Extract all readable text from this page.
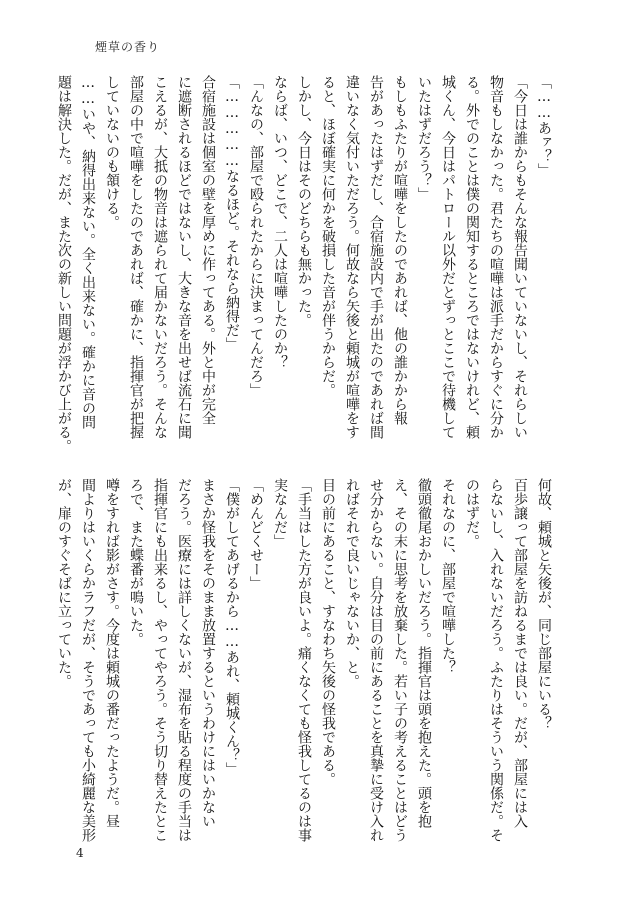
煙草の香り
「……あァ？」
「今日は誰からもそんな報告聞いていないし、それらしい
物音もしなかった。君たちの喧嘩は派手だからすぐに分か
る。外でのことは僕の関知するところではないけれど、頼
城くん、今日はパトロール以外だとずっとここで待機して
いたはずだろう？」
もしもふたりが喧嘩をしたのであれば、他の誰かから報
告があったはずだし、合宿施設内で手が出たのであれば間
違いなく気付いただろう。何故なら矢後と頼城が喧嘩をす
ると、ほぼ確実に何かを破損した音が伴うからだ。
しかし、今日はそのどちらも無かった。
ならば、いつ、どこで、二人は喧嘩したのか？
「んなの、部屋で殴られたからに決まってんだろ」
「……………なるほど。それなら納得だ」
合宿施設は個室の壁を厚めに作ってある。外と中が完全
に遮断されるほどではないし、大きな音を出せば流石に聞
こえるが、大抵の物音は遮られて届かないだろう。そんな
部屋の中で喧嘩をしたのであれば、確かに、指揮官が把握
していないのも頷ける。
……いや、納得出来ない。全く出来ない。確かに音の問
題は解決した。だが、また次の新しい問題が浮かび上がる。
何故、頼城と矢後が、同じ部屋にいる？
百歩譲って部屋を訪ねるまでは良い。だが、部屋には入
らないし、入れないだろう。ふたりはそういう関係だ。そ
のはずだ。
それなのに、部屋で喧嘩した？
徹頭徹尾おかしいだろう。指揮官は頭を抱えた。頭を抱
え、その末に思考を放棄した。若い子の考えることはどう
せ分からない。自分は目の前にあることを真摯に受け入れ
ればそれで良いじゃないか、と。
目の前にあること、すなわち矢後の怪我である。
「手当はした方が良いよ。痛くなくても怪我してるのは事
実なんだ」
「めんどくせー」
「僕がしてあげるから……あれ、頼城くん？」
まさか怪我をそのまま放置するというわけにはいかない
だろう。医療には詳しくないが、湿布を貼る程度の手当は
指揮官にも出来るし、やってやろう。そう切り替えたとこ
ろで、また蝶番が鳴いた。
噂をすれば影がさす。今度は頼城の番だったようだ。昼
間よりはいくらかラフだが、そうであっても小綺麗な美形
が、扉のすぐそばに立っていた。
4
